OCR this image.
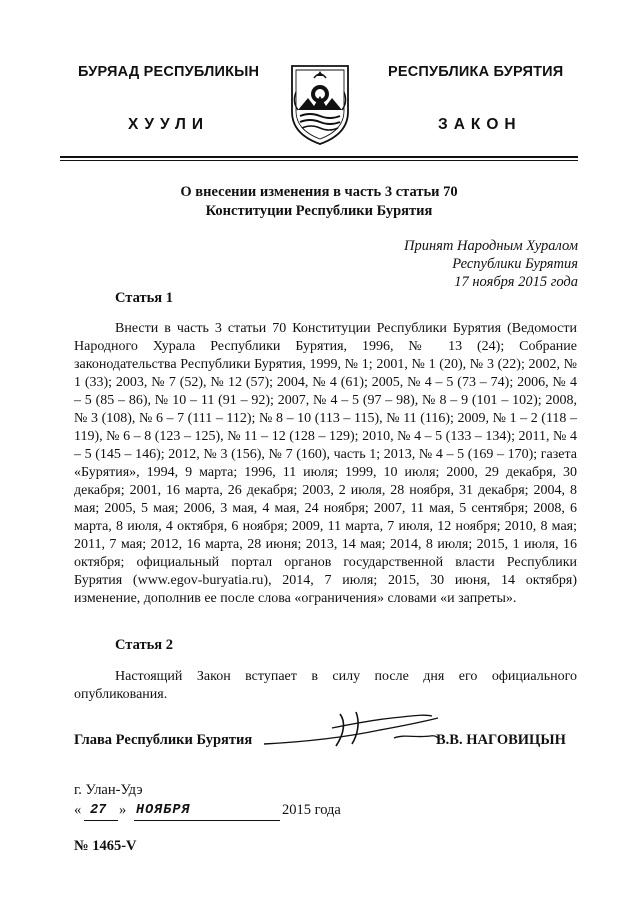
БУРЯАД РЕСПУБЛИКЫН	РЕСПУБЛИКА БУРЯТИЯ
ХУУЛИ	ЗАКОН
О внесении изменения в часть 3 статьи 70
Конституции Республики Бурятия
Принят Народным Хуралом
Республики Бурятия
17 ноября 2015 года
Статья 1
Внести в часть 3 статьи 70 Конституции Республики Бурятия (Ведомости Народного Хурала Республики Бурятия, 1996, № 13 (24); Собрание законодательства Республики Бурятия, 1999, № 1; 2001, № 1 (20), № 3 (22); 2002, № 1 (33); 2003, № 7 (52), № 12 (57); 2004, № 4 (61); 2005, № 4 – 5 (73 – 74); 2006, № 4 – 5 (85 – 86), № 10 – 11 (91 – 92); 2007, № 4 – 5 (97 – 98), № 8 – 9 (101 – 102); 2008, № 3 (108), № 6 – 7 (111 – 112); № 8 – 10 (113 – 115), № 11 (116); 2009, № 1 – 2 (118 – 119), № 6 – 8 (123 – 125), № 11 – 12 (128 – 129); 2010, № 4 – 5 (133 – 134); 2011, № 4 – 5 (145 – 146); 2012, № 3 (156), № 7 (160), часть 1; 2013, № 4 – 5 (169 – 170); газета «Бурятия», 1994, 9 марта; 1996, 11 июля; 1999, 10 июля; 2000, 29 декабря, 30 декабря; 2001, 16 марта, 26 декабря; 2003, 2 июля, 28 ноября, 31 декабря; 2004, 8 мая; 2005, 5 мая; 2006, 3 мая, 4 мая, 24 ноября; 2007, 11 мая, 5 сентября; 2008, 6 марта, 8 июля, 4 октября, 6 ноября; 2009, 11 марта, 7 июля, 12 ноября; 2010, 8 мая; 2011, 7 мая; 2012, 16 марта, 28 июня; 2013, 14 мая; 2014, 8 июля; 2015, 1 июля, 16 октября; официальный портал органов государственной власти Республики Бурятия (www.egov-buryatia.ru), 2014, 7 июля; 2015, 30 июня, 14 октября) изменение, дополнив ее после слова «ограничения» словами «и запреты».
Статья 2
Настоящий Закон вступает в силу после дня его официального опубликования.
Глава Республики Бурятия	В.В. НАГОВИЦЫН
г. Улан-Удэ
« 27 » НОЯБРЯ	2015 года
№ 1465-V
